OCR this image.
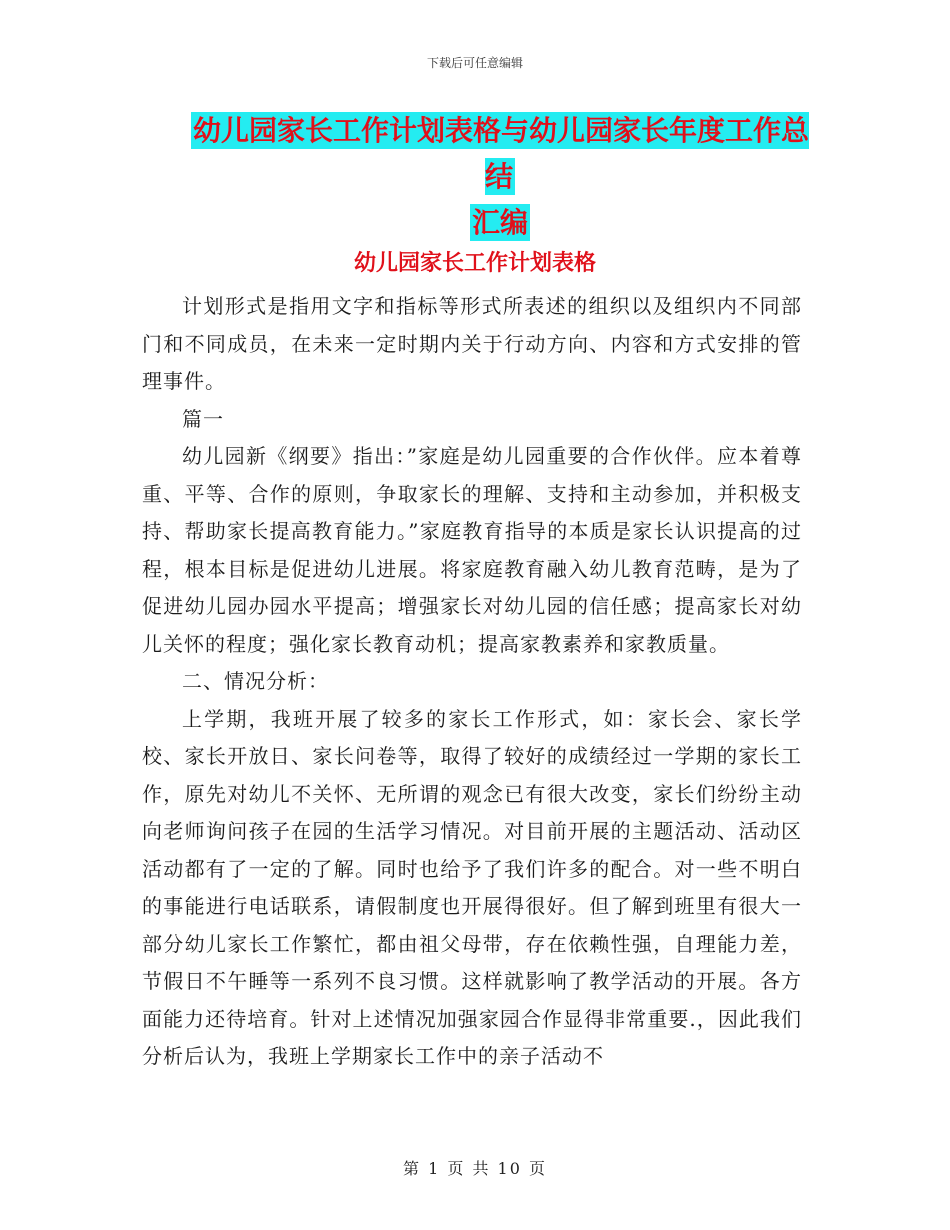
下载后可任意编辑
幼儿园家长工作计划表格与幼儿园家长年度工作总结
汇编
幼儿园家长工作计划表格

计划形式是指用文字和指标等形式所表述的组织以及组织内不同部门和不同成员，在未来一定时期内关于行动方向、内容和方式安排的管理事件。

篇一

幼儿园新《纲要》指出：”家庭是幼儿园重要的合作伙伴。应本着尊重、平等、合作的原则，争取家长的理解、支持和主动参加，并积极支持、帮助家长提高教育能力。”家庭教育指导的本质是家长认识提高的过程，根本目标是促进幼儿进展。将家庭教育融入幼儿教育范畴，是为了促进幼儿园办园水平提高；增强家长对幼儿园的信任感；提高家长对幼儿关怀的程度；强化家长教育动机；提高家教素养和家教质量。

二、情况分析：

上学期，我班开展了较多的家长工作形式，如：家长会、家长学校、家长开放日、家长问卷等，取得了较好的成绩经过一学期的家长工作，原先对幼儿不关怀、无所谓的观念已有很大改变，家长们纷纷主动向老师询问孩子在园的生活学习情况。对目前开展的主题活动、活动区活动都有了一定的了解。同时也给予了我们许多的配合。对一些不明白的事能进行电话联系，请假制度也开展得很好。但了解到班里有很大一部分幼儿家长工作繁忙，都由祖父母带，存在依赖性强，自理能力差，节假日不午睡等一系列不良习惯。这样就影响了教学活动的开展。各方面能力还待培育。针对上述情况加强家园合作显得非常重要.，因此我们分析后认为，我班上学期家长工作中的亲子活动不

第 1 页 共 10 页
